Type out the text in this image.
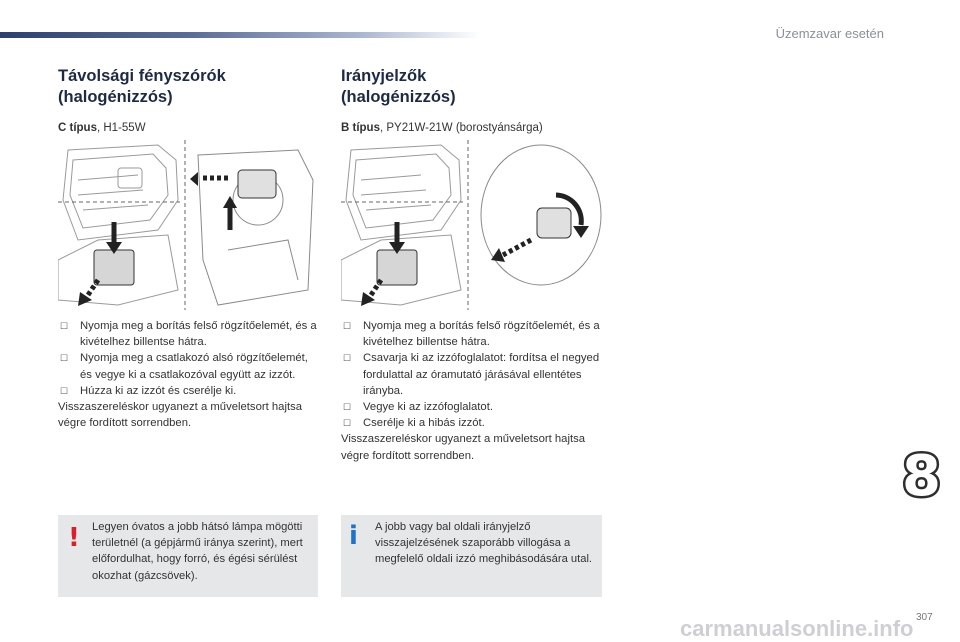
Üzemzavar esetén
Távolsági fényszórók
(halogénizzós)
C típus, H1-55W
☐ Nyomja meg a borítás felső rögzítőelemét, és a kivételhez billentse hátra.
☐ Nyomja meg a csatlakozó alsó rögzítőelemét, és vegye ki a csatlakozóval együtt az izzót.
☐ Húzza ki az izzót és cserélje ki.
Visszaszereléskor ugyanezt a műveletsort hajtsa végre fordított sorrendben.
Irányjelzők
(halogénizzós)
B típus, PY21W-21W (borostyánsárga)
☐ Nyomja meg a borítás felső rögzítőelemét, és a kivételhez billentse hátra.
☐ Csavarja ki az izzófoglalatot: fordítsa el negyed fordulattal az óramutató járásával ellentétes irányba.
☐ Vegye ki az izzófoglalatot.
☐ Cserélje ki a hibás izzót.
Visszaszereléskor ugyanezt a műveletsort hajtsa végre fordított sorrendben.
! Legyen óvatos a jobb hátsó lámpa mögötti területnél (a gépjármű iránya szerint), mert előfordulhat, hogy forró, és égési sérülést okozhat (gázcsövek).
i A jobb vagy bal oldali irányjelző visszajelzésének szaporább villogása a megfelelő oldali izzó meghibásodására utal.
8
carmanualsonline.info 307
